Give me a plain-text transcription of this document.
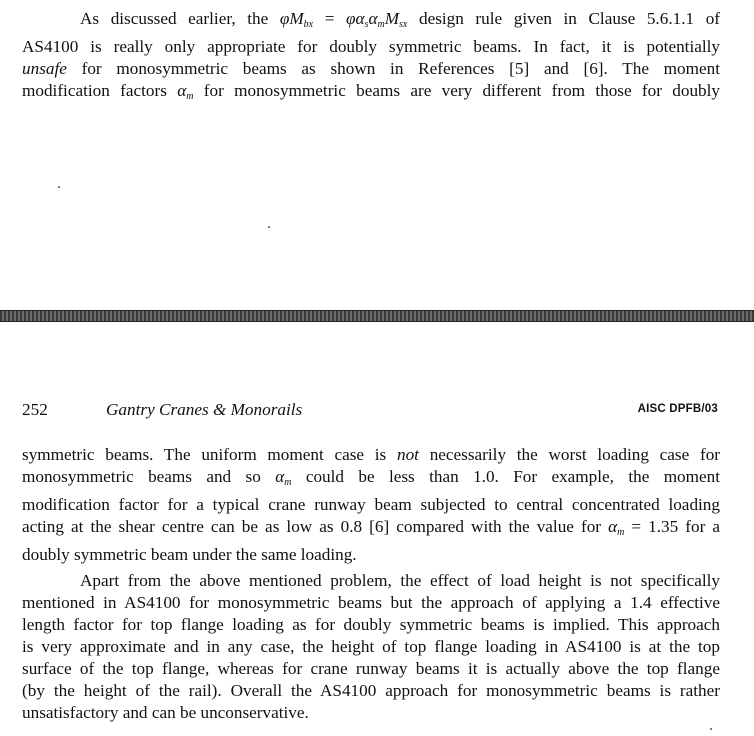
As discussed earlier, the $\varphi M_{bx} = \varphi\alpha_s\alpha_mM_{sx}$ design rule given in Clause 5.6.1.1 of
AS4100 is really only appropriate for doubly symmetric beams. In fact, it is potentially
unsafe for monosymmetric beams as shown in References [5] and [6]. The moment
modification factors $\alpha_m$ for monosymmetric beams are very different from those for doubly
252	Gantry Cranes & Monorails	AISC DPFB/03
symmetric beams. The uniform moment case is not necessarily the worst loading case for
monosymmetric beams and so $\alpha_m$ could be less than 1.0. For example, the moment
modification factor for a typical crane runway beam subjected to central concentrated loading
acting at the shear centre can be as low as 0.8 [6] compared with the value for $\alpha_m = 1.35$ for a
doubly symmetric beam under the same loading.
Apart from the above mentioned problem, the effect of load height is not specifically
mentioned in AS4100 for monosymmetric beams but the approach of applying a 1.4 effective
length factor for top flange loading as for doubly symmetric beams is implied. This approach
is very approximate and in any case, the height of top flange loading in AS4100 is at the top
surface of the top flange, whereas for crane runway beams it is actually above the top flange
(by the height of the rail). Overall the AS4100 approach for monosymmetric beams is rather
unsatisfactory and can be unconservative.
